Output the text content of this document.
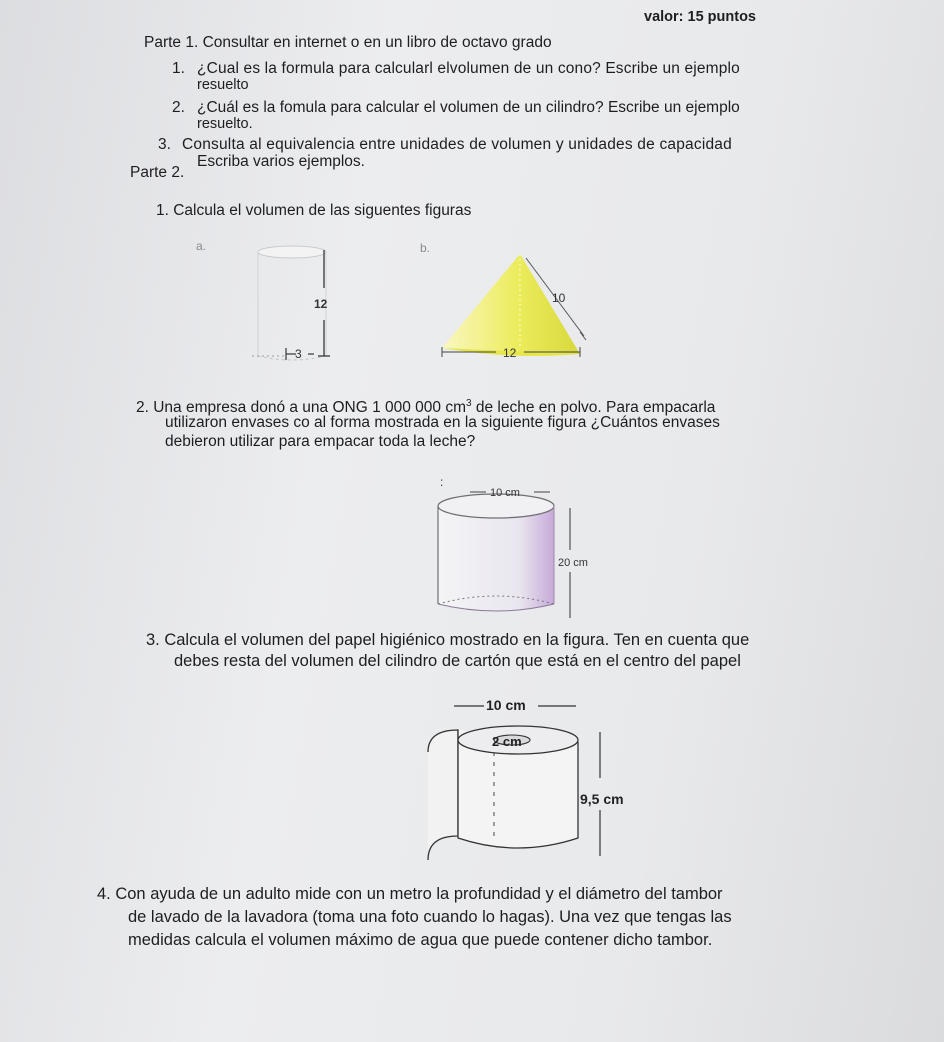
valor: 15 puntos
Parte 1. Consultar en internet o en un libro de octavo grado
1. ¿Cual es la formula para calcularl elvolumen de un cono? Escribe un ejemplo
resuelto
2. ¿Cuál es la fomula para calcular el volumen de un cilindro? Escribe un ejemplo
resuelto.
3. Consulta al equivalencia entre unidades de volumen y unidades de capacidad
Escriba varios ejemplos.
Parte 2.
1. Calcula el volumen de las siguentes figuras
a.
12
3
b.
10
12
2. Una empresa donó a una ONG 1 000 000 $cm^3$ de leche en polvo. Para empacarla
utilizaron envases co al forma mostrada en la siguiente figura ¿Cuántos envases
debieron utilizar para empacar toda la leche?
:
10 cm
20 cm
3. Calcula el volumen del papel higiénico mostrado en la figura. Ten en cuenta que
debes resta del volumen del cilindro de cartón que está en el centro del papel
10 cm
2 cm
9,5 cm
4. Con ayuda de un adulto mide con un metro la profundidad y el diámetro del tambor
de lavado de la lavadora (toma una foto cuando lo hagas). Una vez que tengas las
medidas calcula el volumen máximo de agua que puede contener dicho tambor.
